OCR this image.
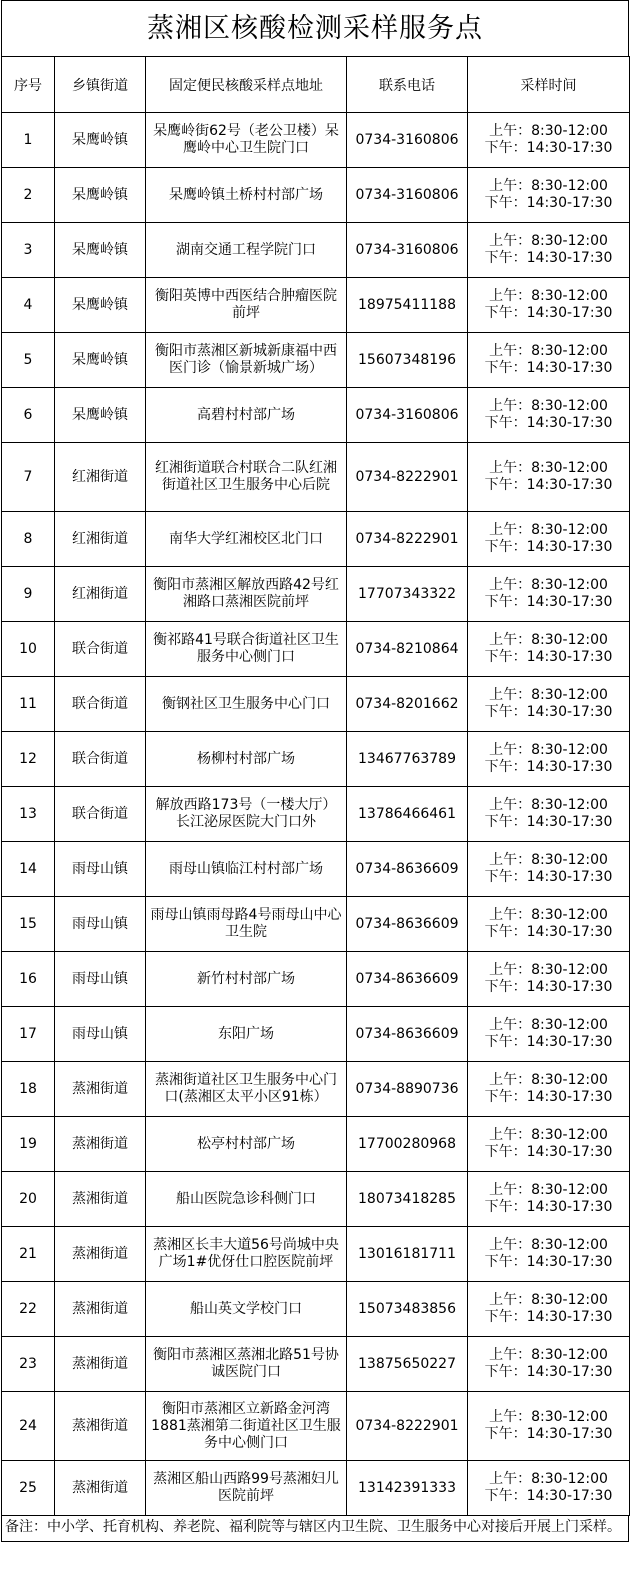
蒸湘区核酸检测采样服务点
序号	乡镇街道	固定便民核酸采样点地址	联系电话	采样时间
1	呆鹰岭镇	呆鹰岭街62号（老公卫楼）呆鹰岭中心卫生院门口	0734-3160806	上午：8:30-12:00
下午：14:30-17:30

2	呆鹰岭镇	呆鹰岭镇土桥村村部广场	0734-3160806	上午：8:30-12:00
下午：14:30-17:30

3	呆鹰岭镇	湖南交通工程学院门口	0734-3160806	上午：8:30-12:00
下午：14:30-17:30

4	呆鹰岭镇	衡阳英博中西医结合肿瘤医院前坪	18975411188	上午：8:30-12:00
下午：14:30-17:30

5	呆鹰岭镇	衡阳市蒸湘区新城新康福中西医门诊（愉景新城广场）	15607348196	上午：8:30-12:00
下午：14:30-17:30

6	呆鹰岭镇	高碧村村部广场	0734-3160806	上午：8:30-12:00
下午：14:30-17:30

7	红湘街道	红湘街道联合村联合二队红湘街道社区卫生服务中心后院	0734-8222901	上午：8:30-12:00
下午：14:30-17:30

8	红湘街道	南华大学红湘校区北门口	0734-8222901	上午：8:30-12:00
下午：14:30-17:30

9	红湘街道	衡阳市蒸湘区解放西路42号红湘路口蒸湘医院前坪	17707343322	上午：8:30-12:00
下午：14:30-17:30

10	联合街道	衡祁路41号联合街道社区卫生服务中心侧门口	0734-8210864	上午：8:30-12:00
下午：14:30-17:30

11	联合街道	衡钢社区卫生服务中心门口	0734-8201662	上午：8:30-12:00
下午：14:30-17:30

12	联合街道	杨柳村村部广场	13467763789	上午：8:30-12:00
下午：14:30-17:30

13	联合街道	解放西路173号（一楼大厅）长江泌尿医院大门口外	13786466461	上午：8:30-12:00
下午：14:30-17:30

14	雨母山镇	雨母山镇临江村村部广场	0734-8636609	上午：8:30-12:00
下午：14:30-17:30

15	雨母山镇	雨母山镇雨母路4号雨母山中心卫生院	0734-8636609	上午：8:30-12:00
下午：14:30-17:30

16	雨母山镇	新竹村村部广场	0734-8636609	上午：8:30-12:00
下午：14:30-17:30

17	雨母山镇	东阳广场	0734-8636609	上午：8:30-12:00
下午：14:30-17:30

18	蒸湘街道	蒸湘街道社区卫生服务中心门口(蒸湘区太平小区91栋）	0734-8890736	上午：8:30-12:00
下午：14:30-17:30

19	蒸湘街道	松亭村村部广场	17700280968	上午：8:30-12:00
下午：14:30-17:30

20	蒸湘街道	船山医院急诊科侧门口	18073418285	上午：8:30-12:00
下午：14:30-17:30

21	蒸湘街道	蒸湘区长丰大道56号尚城中央广场1#优伢仕口腔医院前坪	13016181711	上午：8:30-12:00
下午：14:30-17:30

22	蒸湘街道	船山英文学校门口	15073483856	上午：8:30-12:00
下午：14:30-17:30

23	蒸湘街道	衡阳市蒸湘区蒸湘北路51号协诚医院门口	13875650227	上午：8:30-12:00
下午：14:30-17:30

24	蒸湘街道	衡阳市蒸湘区立新路金河湾1881蒸湘第二街道社区卫生服务中心侧门口	0734-8222901	上午：8:30-12:00
下午：14:30-17:30

25	蒸湘街道	蒸湘区船山西路99号蒸湘妇儿医院前坪	13142391333	上午：8:30-12:00
下午：14:30-17:30
备注：中小学、托育机构、养老院、福利院等与辖区内卫生院、卫生服务中心对接后开展上门采样。
